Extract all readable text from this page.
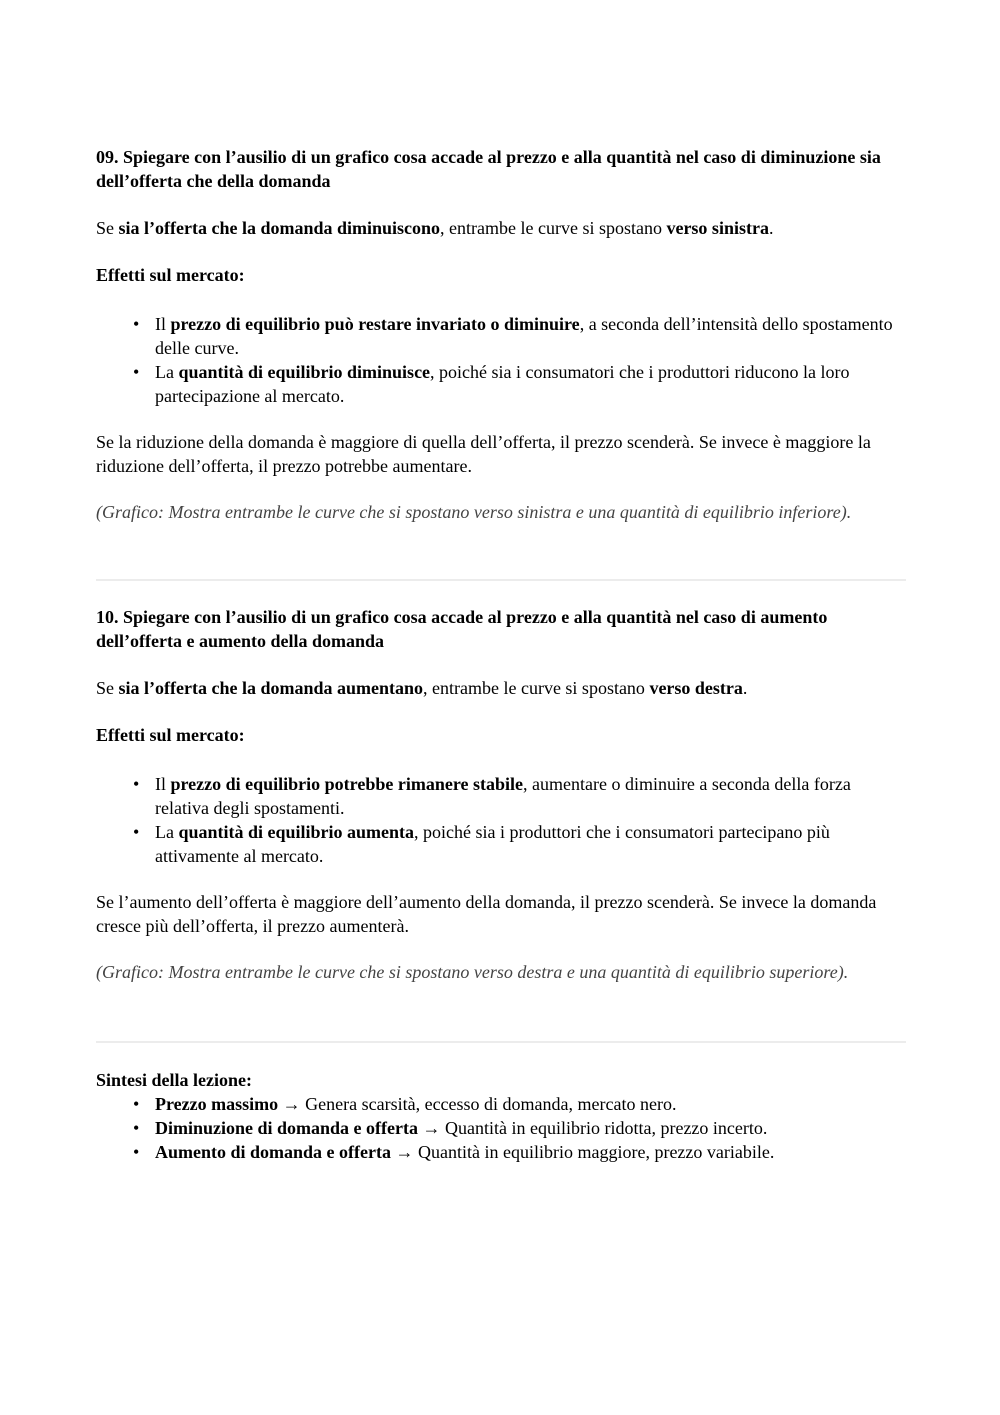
09. Spiegare con l’ausilio di un grafico cosa accade al prezzo e alla quantità nel caso di diminuzione sia dell’offerta che della domanda

Se sia l’offerta che la domanda diminuiscono, entrambe le curve si spostano verso sinistra.

Effetti sul mercato:

• Il prezzo di equilibrio può restare invariato o diminuire, a seconda dell’intensità dello spostamento delle curve.
• La quantità di equilibrio diminuisce, poiché sia i consumatori che i produttori riducono la loro partecipazione al mercato.

Se la riduzione della domanda è maggiore di quella dell’offerta, il prezzo scenderà. Se invece è maggiore la riduzione dell’offerta, il prezzo potrebbe aumentare.

(Grafico: Mostra entrambe le curve che si spostano verso sinistra e una quantità di equilibrio inferiore).

10. Spiegare con l’ausilio di un grafico cosa accade al prezzo e alla quantità nel caso di aumento dell’offerta e aumento della domanda

Se sia l’offerta che la domanda aumentano, entrambe le curve si spostano verso destra.

Effetti sul mercato:

• Il prezzo di equilibrio potrebbe rimanere stabile, aumentare o diminuire a seconda della forza relativa degli spostamenti.
• La quantità di equilibrio aumenta, poiché sia i produttori che i consumatori partecipano più attivamente al mercato.

Se l’aumento dell’offerta è maggiore dell’aumento della domanda, il prezzo scenderà. Se invece la domanda cresce più dell’offerta, il prezzo aumenterà.

(Grafico: Mostra entrambe le curve che si spostano verso destra e una quantità di equilibrio superiore).

Sintesi della lezione:

• Prezzo massimo → Genera scarsità, eccesso di domanda, mercato nero.
• Diminuzione di domanda e offerta → Quantità in equilibrio ridotta, prezzo incerto.
• Aumento di domanda e offerta → Quantità in equilibrio maggiore, prezzo variabile.
